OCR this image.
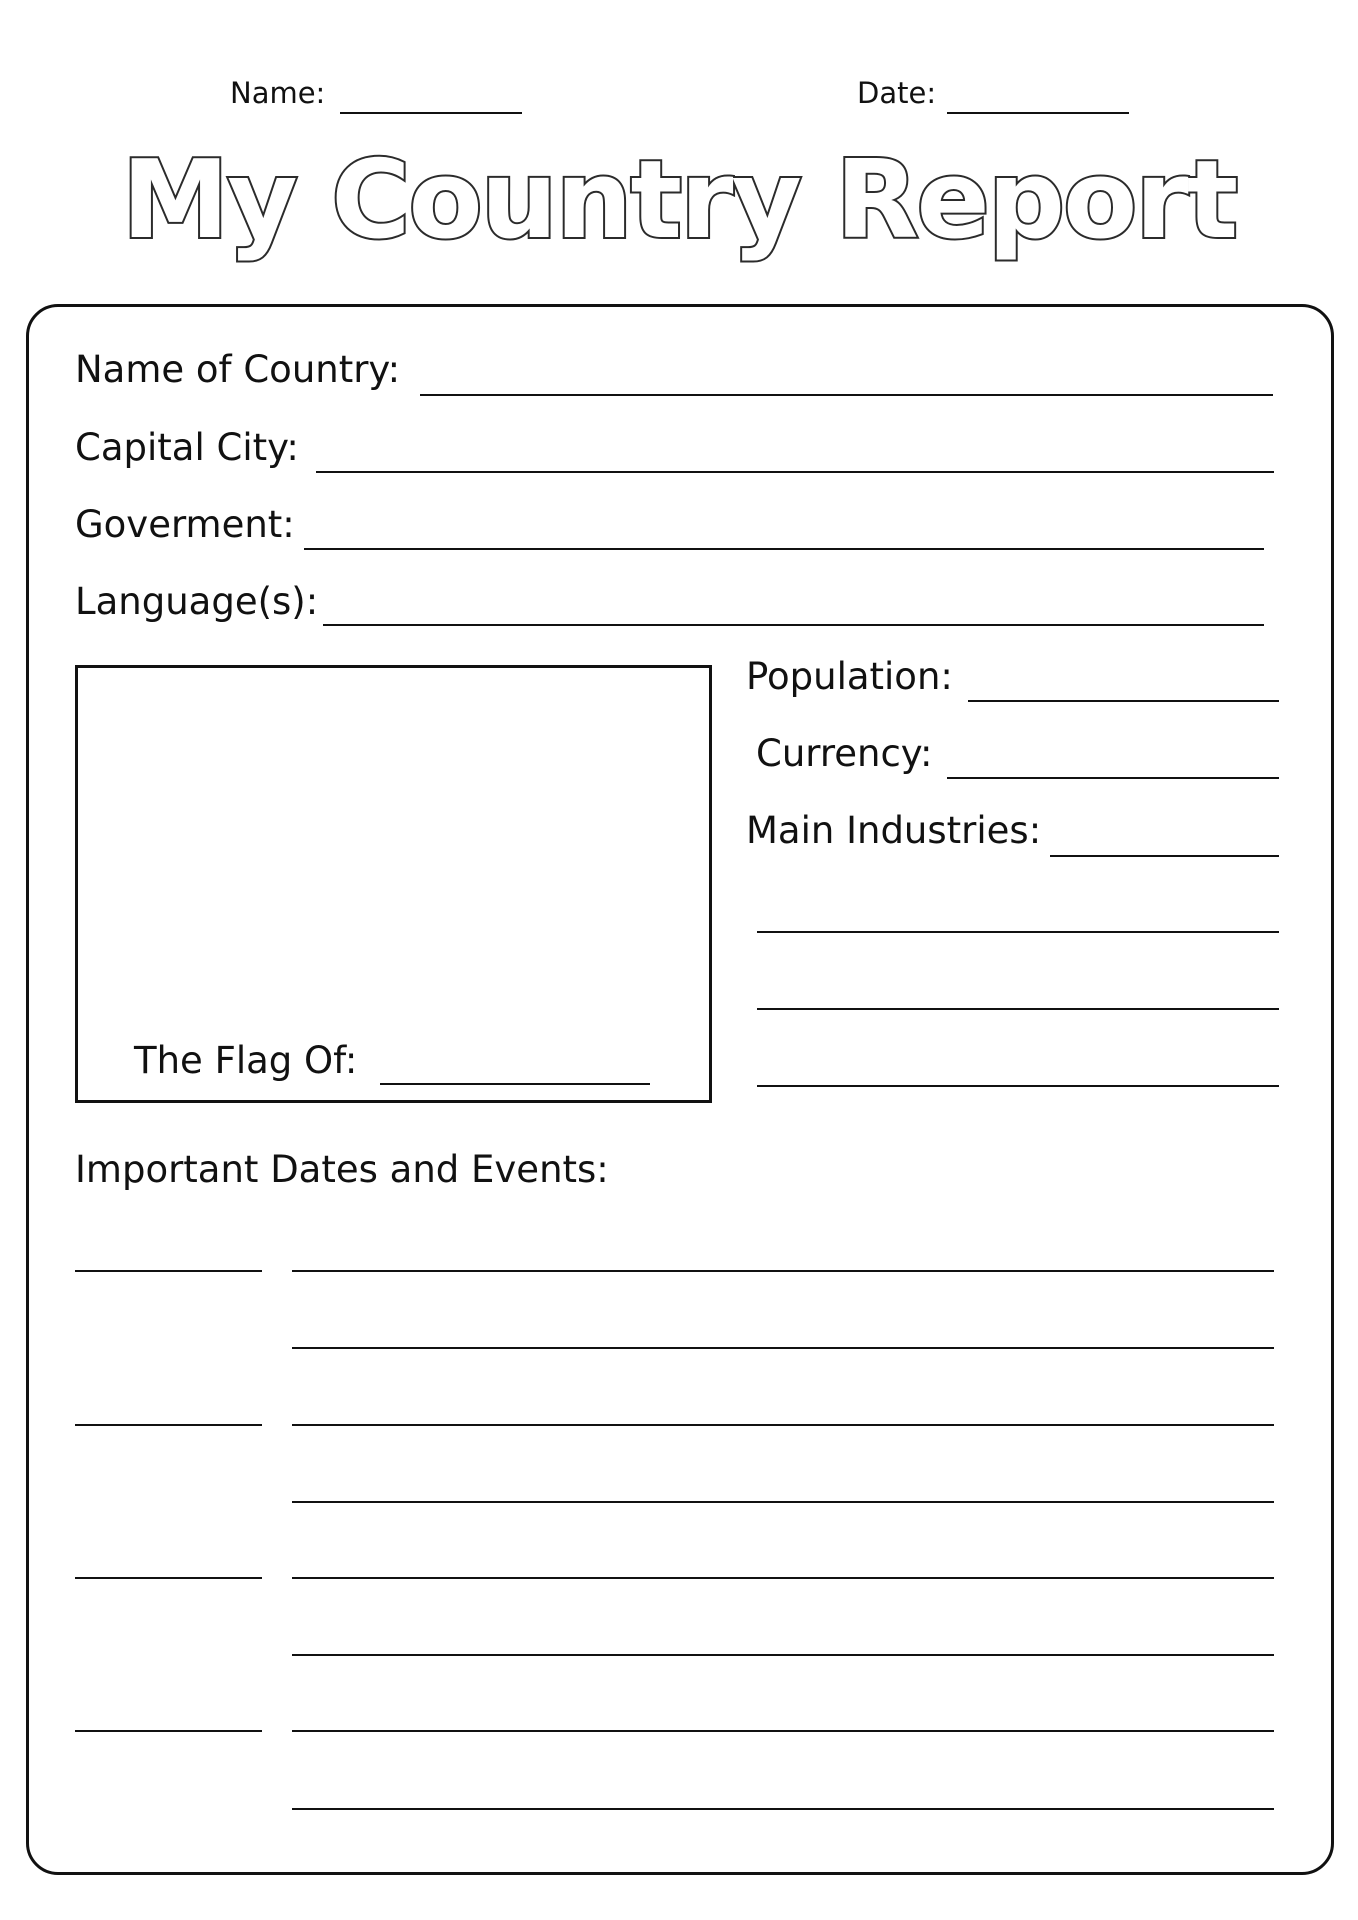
Name:	Date:
My Country Report
Name of Country:
Capital City:
Goverment:
Language(s):
The Flag Of:
Population:
Currency:
Main Industries:
Important Dates and Events:
